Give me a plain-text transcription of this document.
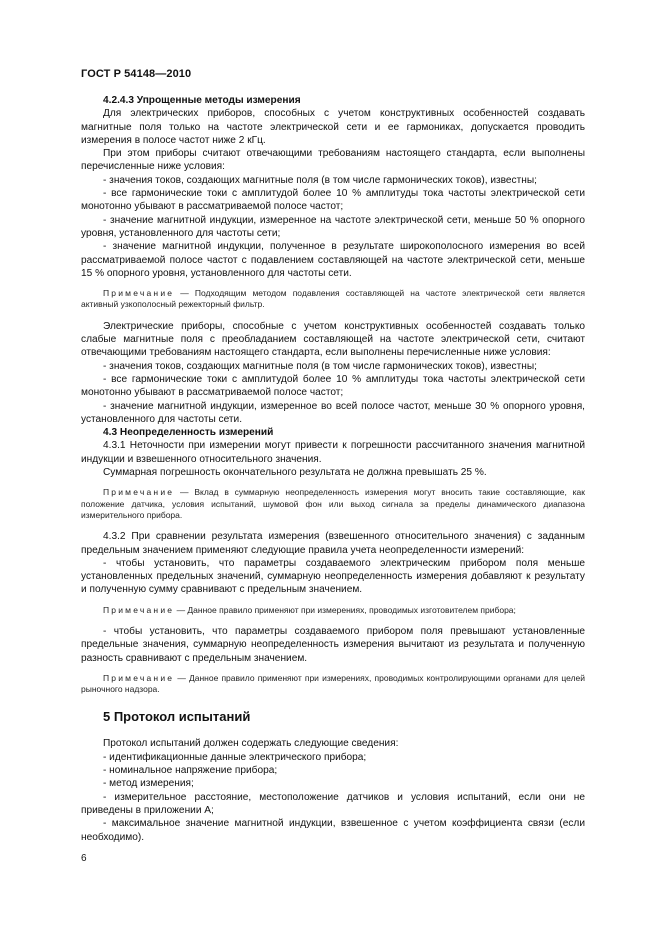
ГОСТ Р 54148—2010

4.2.4.3 Упрощенные методы измерения

Для электрических приборов, способных с учетом конструктивных особенностей создавать магнитные поля только на частоте электрической сети и ее гармониках, допускается проводить измерения в полосе частот ниже 2 кГц.

При этом приборы считают отвечающими требованиям настоящего стандарта, если выполнены перечисленные ниже условия:

- значения токов, создающих магнитные поля (в том числе гармонических токов), известны;

- все гармонические токи с амплитудой более 10 % амплитуды тока частоты электрической сети монотонно убывают в рассматриваемой полосе частот;

- значение магнитной индукции, измеренное на частоте электрической сети, меньше 50 % опорного уровня, установленного для частоты сети;

- значение магнитной индукции, полученное в результате широкополосного измерения во всей рассматриваемой полосе частот с подавлением составляющей на частоте электрической сети, меньше 15 % опорного уровня, установленного для частоты сети.

Примечание — Подходящим методом подавления составляющей на частоте электрической сети является активный узкополосный режекторный фильтр.

Электрические приборы, способные с учетом конструктивных особенностей создавать только слабые магнитные поля с преобладанием составляющей на частоте электрической сети, считают отвечающими требованиям настоящего стандарта, если выполнены перечисленные ниже условия:

- значения токов, создающих магнитные поля (в том числе гармонических токов), известны;

- все гармонические токи с амплитудой более 10 % амплитуды тока частоты электрической сети монотонно убывают в рассматриваемой полосе частот;

- значение магнитной индукции, измеренное во всей полосе частот, меньше 30 % опорного уровня, установленного для частоты сети.

4.3 Неопределенность измерений

4.3.1 Неточности при измерении могут привести к погрешности рассчитанного значения магнитной индукции и взвешенного относительного значения.

Суммарная погрешность окончательного результата не должна превышать 25 %.

Примечание — Вклад в суммарную неопределенность измерения могут вносить такие составляющие, как положение датчика, условия испытаний, шумовой фон или выход сигнала за пределы динамического диапазона измерительного прибора.

4.3.2 При сравнении результата измерения (взвешенного относительного значения) с заданным предельным значением применяют следующие правила учета неопределенности измерений:

- чтобы установить, что параметры создаваемого электрическим прибором поля меньше установленных предельных значений, суммарную неопределенность измерения добавляют к результату и полученную сумму сравнивают с предельным значением.

Примечание — Данное правило применяют при измерениях, проводимых изготовителем прибора;

- чтобы установить, что параметры создаваемого прибором поля превышают установленные предельные значения, суммарную неопределенность измерения вычитают из результата и полученную разность сравнивают с предельным значением.

Примечание — Данное правило применяют при измерениях, проводимых контролирующими органами для целей рыночного надзора.

5 Протокол испытаний

Протокол испытаний должен содержать следующие сведения:

- идентификационные данные электрического прибора;

- номинальное напряжение прибора;

- метод измерения;

- измерительное расстояние, местоположение датчиков и условия испытаний, если они не приведены в приложении А;

- максимальное значение магнитной индукции, взвешенное с учетом коэффициента связи (если необходимо).

6
